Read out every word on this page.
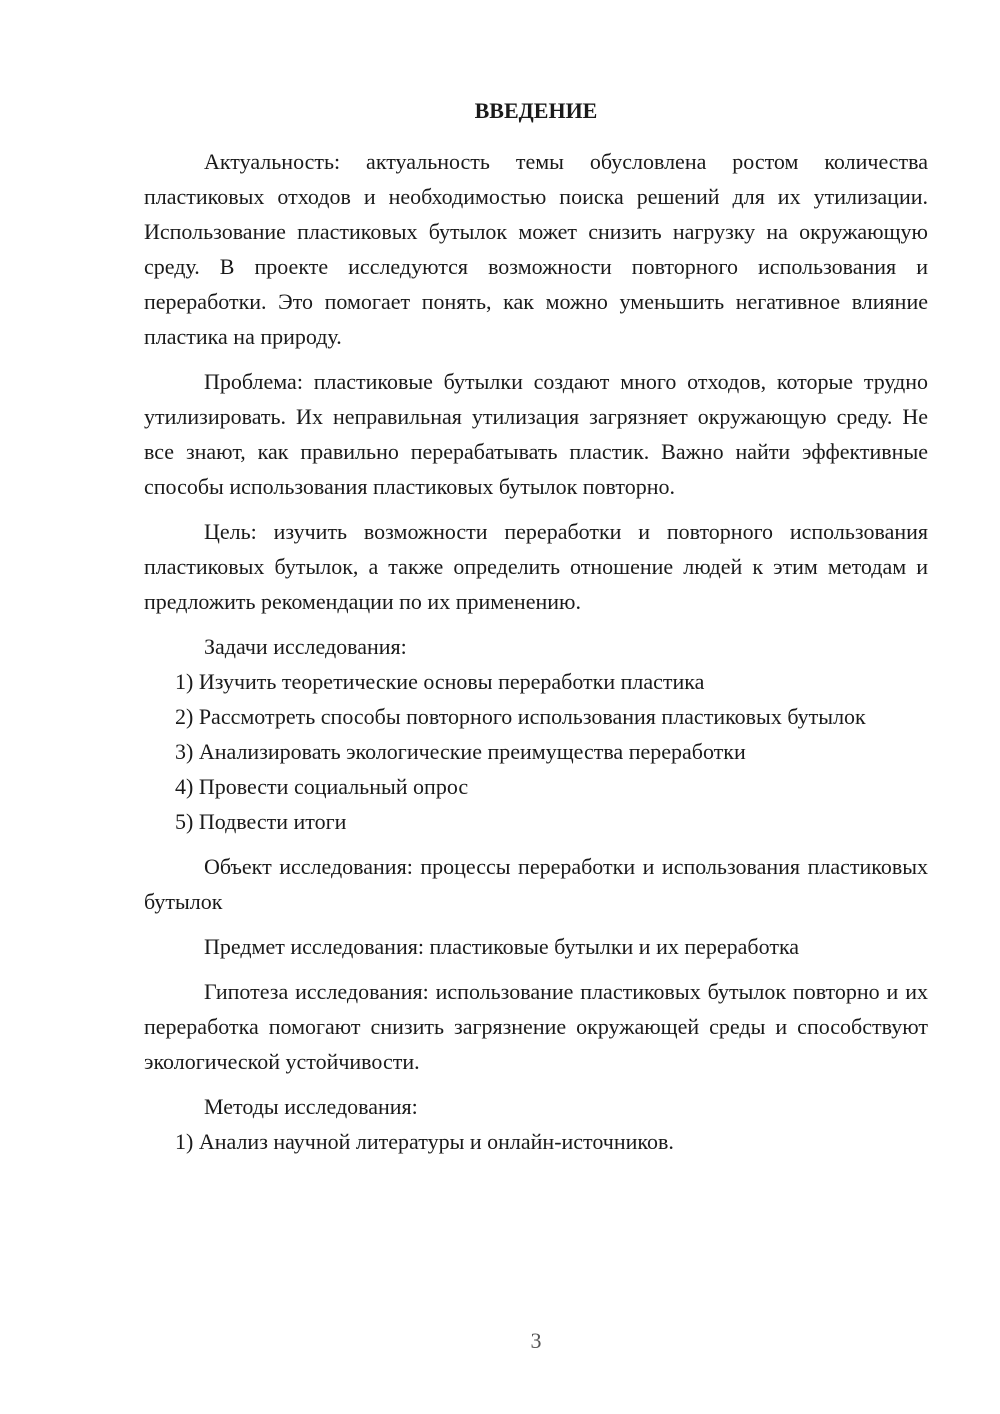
ВВЕДЕНИЕ

Актуальность: актуальность темы обусловлена ростом количества пластиковых отходов и необходимостью поиска решений для их утилизации. Использование пластиковых бутылок может снизить нагрузку на окружающую среду. В проекте исследуются возможности повторного использования и переработки. Это помогает понять, как можно уменьшить негативное влияние пластика на природу.

Проблема: пластиковые бутылки создают много отходов, которые трудно утилизировать. Их неправильная утилизация загрязняет окружающую среду. Не все знают, как правильно перерабатывать пластик. Важно найти эффективные способы использования пластиковых бутылок повторно.

Цель: изучить возможности переработки и повторного использования пластиковых бутылок, а также определить отношение людей к этим методам и предложить рекомендации по их применению.

Задачи исследования:

1) Изучить теоретические основы переработки пластика

2) Рассмотреть способы повторного использования пластиковых бутылок

3) Анализировать экологические преимущества переработки

4) Провести социальный опрос

5) Подвести итоги

Объект исследования: процессы переработки и использования пластиковых бутылок

Предмет исследования: пластиковые бутылки и их переработка

Гипотеза исследования: использование пластиковых бутылок повторно и их переработка помогают снизить загрязнение окружающей среды и способствуют экологической устойчивости.

Методы исследования:

1) Анализ научной литературы и онлайн-источников.

3
